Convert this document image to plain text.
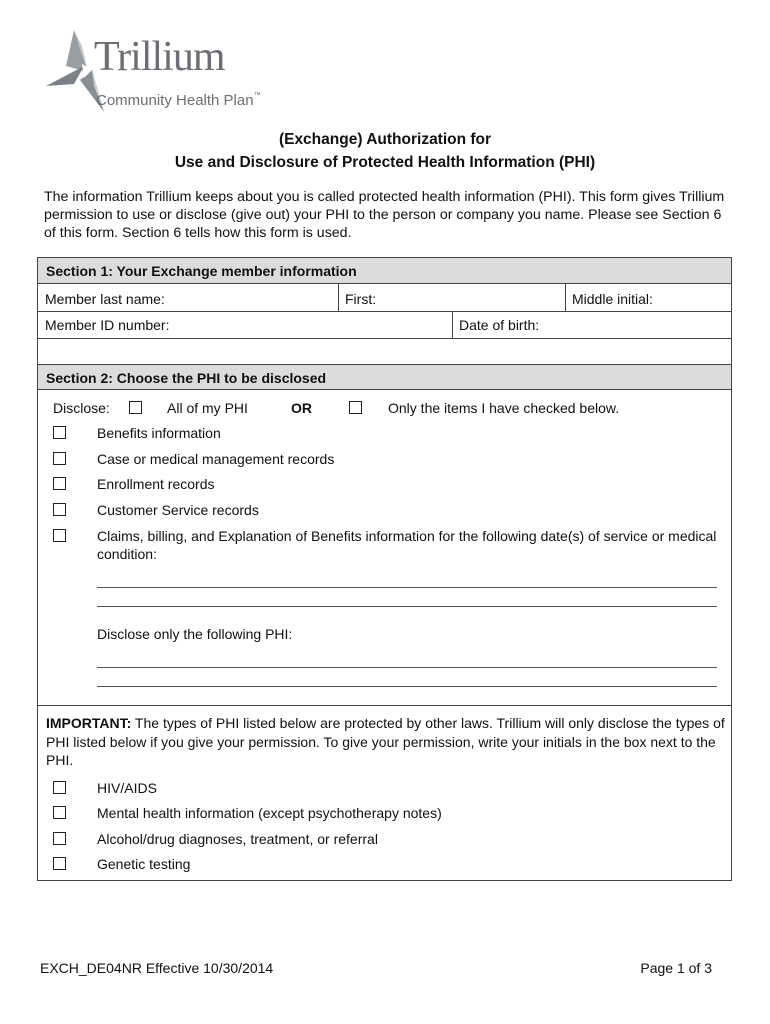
Trillium
Community Health Plan™
(Exchange) Authorization for
Use and Disclosure of Protected Health Information (PHI)
The information Trillium keeps about you is called protected health information (PHI). This form gives Trillium permission to use or disclose (give out) your PHI to the person or company you name. Please see Section 6 of this form. Section 6 tells how this form is used.
Section 1: Your Exchange member information
Member last name:	First:	Middle initial:
Member ID number:	Date of birth:
Section 2: Choose the PHI to be disclosed
Disclose:	All of my PHI	OR	Only the items I have checked below.
Benefits information
Case or medical management records
Enrollment records
Customer Service records
Claims, billing, and Explanation of Benefits information for the following date(s) of service or medical condition:
Disclose only the following PHI:
IMPORTANT: The types of PHI listed below are protected by other laws. Trillium will only disclose the types of PHI listed below if you give your permission. To give your permission, write your initials in the box next to the PHI.
HIV/AIDS
Mental health information (except psychotherapy notes)
Alcohol/drug diagnoses, treatment, or referral
Genetic testing
EXCH_DE04NR Effective 10/30/2014	Page 1 of 3
